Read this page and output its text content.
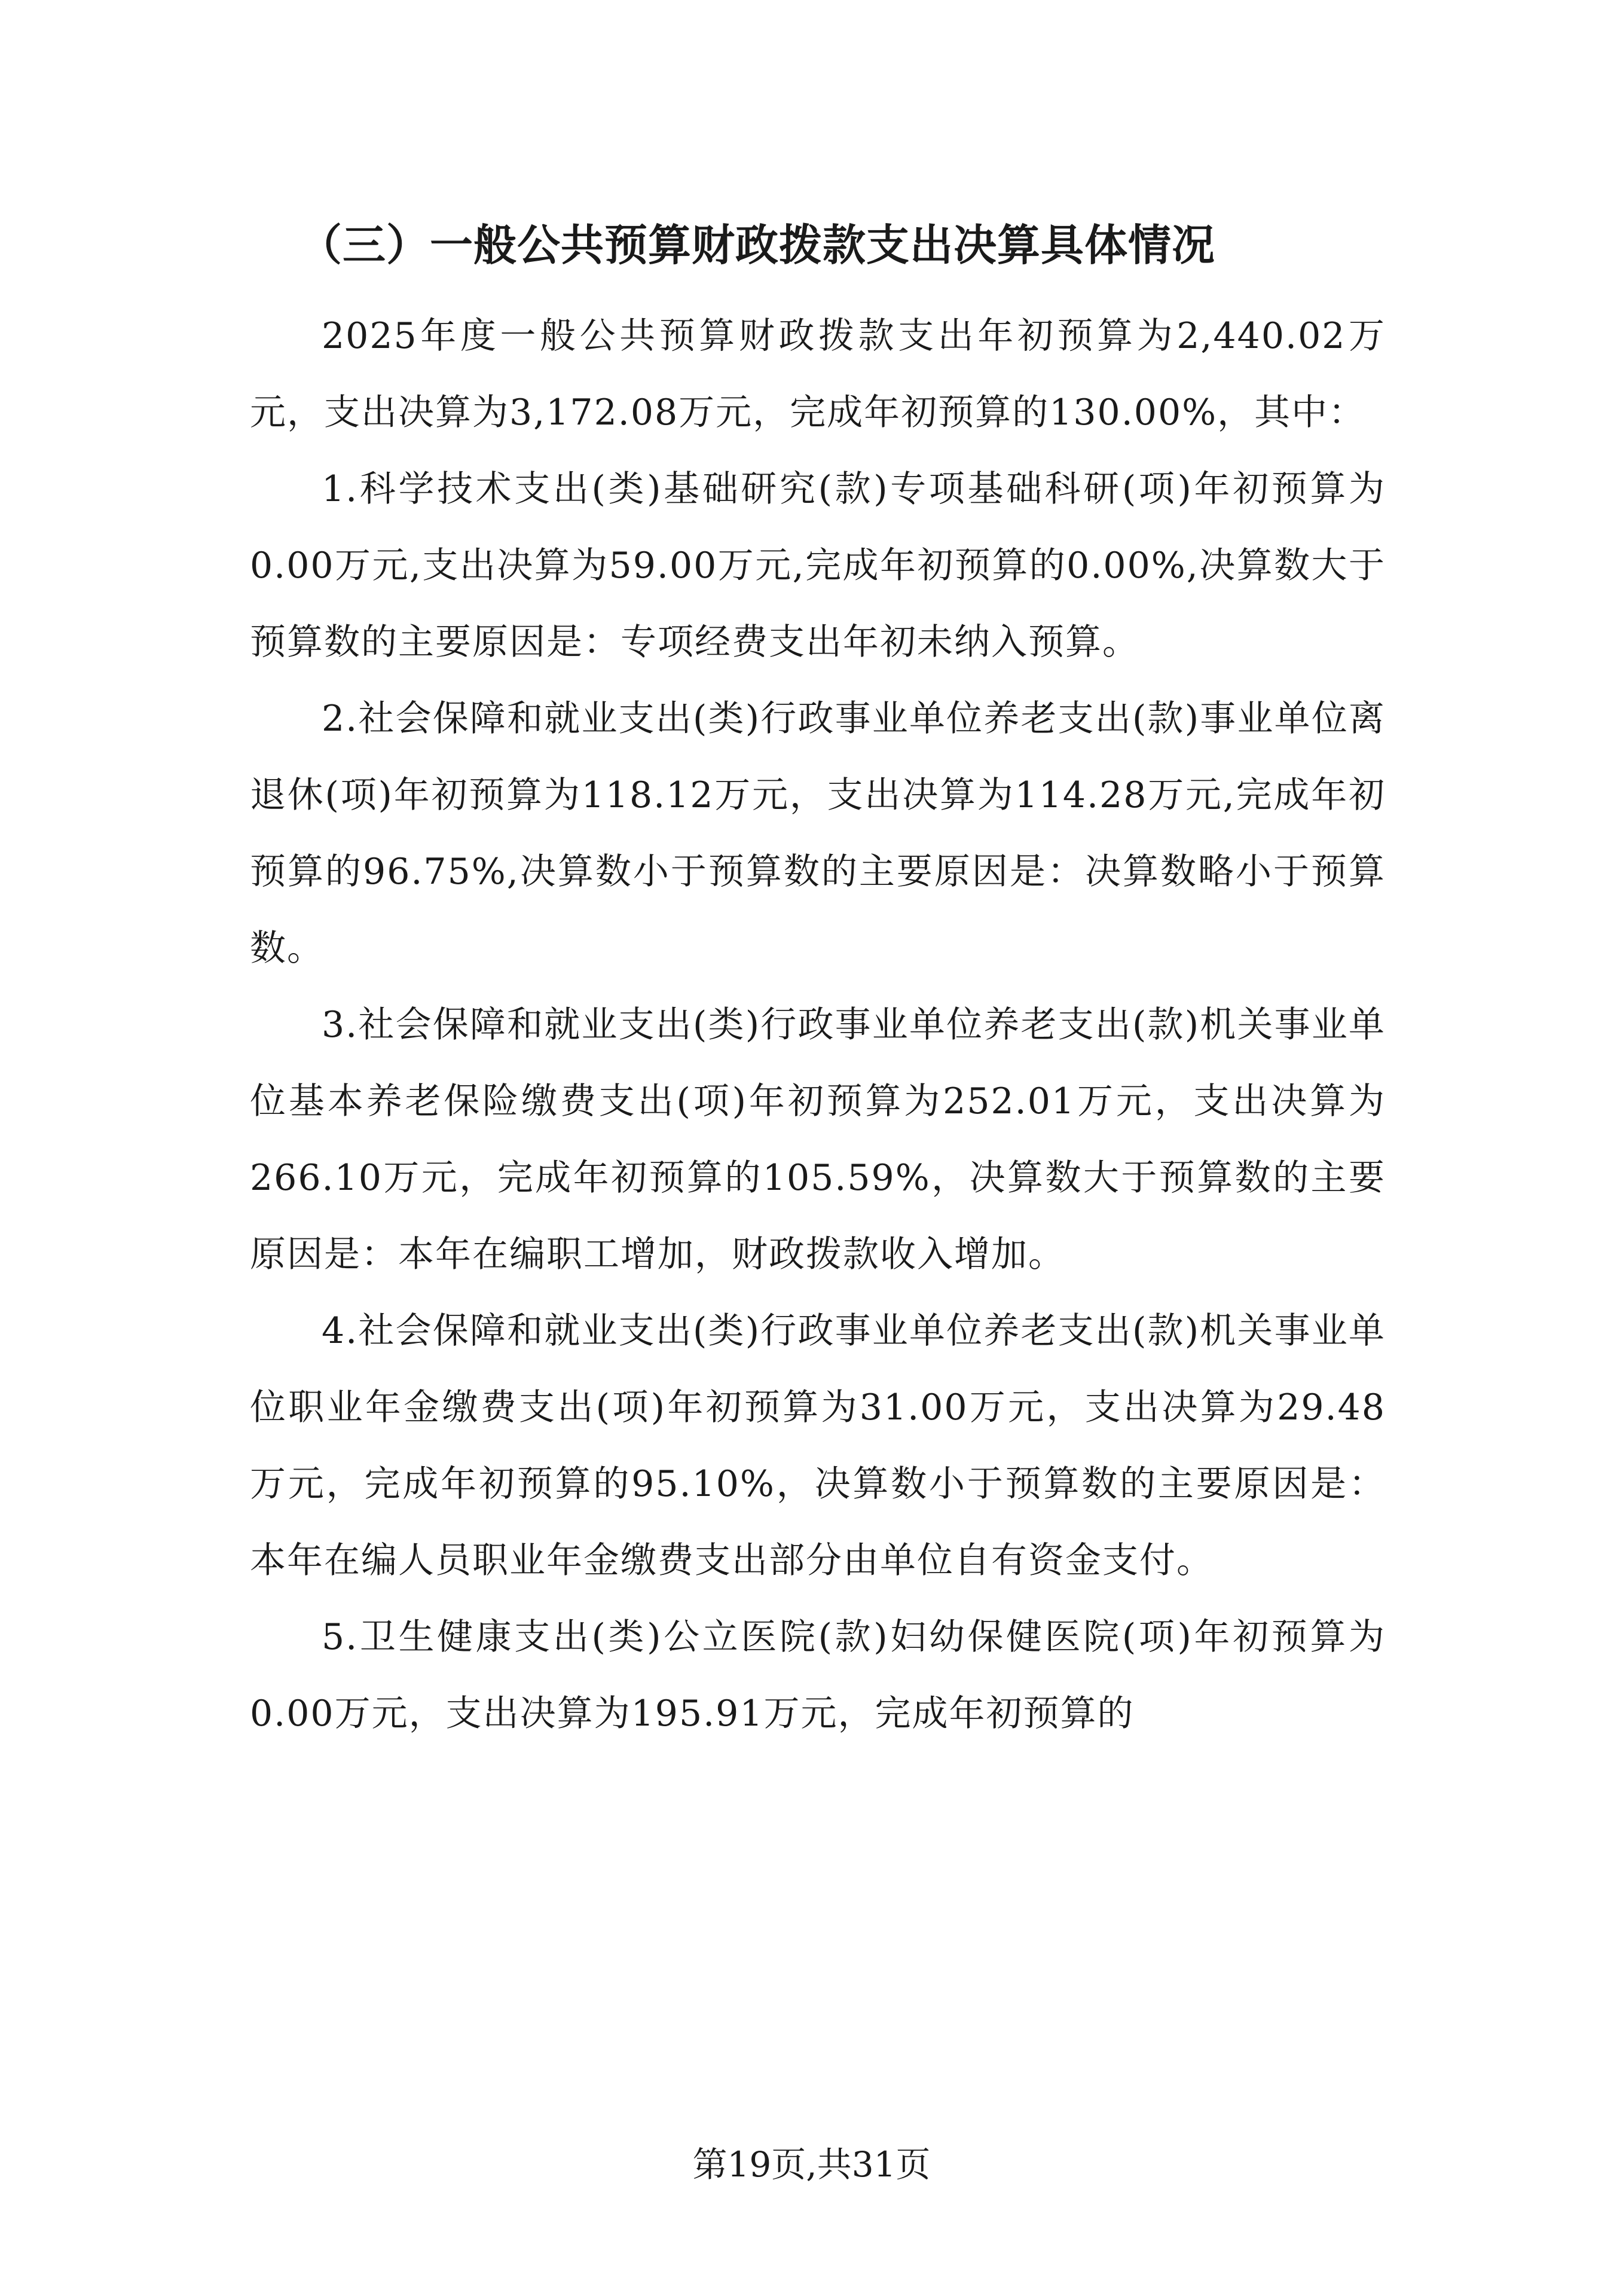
（三）一般公共预算财政拨款支出决算具体情况

2025年度一般公共预算财政拨款支出年初预算为2,440.02万元，支出决算为3,172.08万元，完成年初预算的130.00%，其中：

1.科学技术支出(类)基础研究(款)专项基础科研(项)年初预算为0.00万元,支出决算为59.00万元,完成年初预算的0.00%,决算数大于预算数的主要原因是：专项经费支出年初未纳入预算。

2.社会保障和就业支出(类)行政事业单位养老支出(款)事业单位离退休(项)年初预算为118.12万元，支出决算为114.28万元,完成年初预算的96.75%,决算数小于预算数的主要原因是：决算数略小于预算数。

3.社会保障和就业支出(类)行政事业单位养老支出(款)机关事业单位基本养老保险缴费支出(项)年初预算为252.01万元，支出决算为266.10万元，完成年初预算的105.59%，决算数大于预算数的主要原因是：本年在编职工增加，财政拨款收入增加。

4.社会保障和就业支出(类)行政事业单位养老支出(款)机关事业单位职业年金缴费支出(项)年初预算为31.00万元，支出决算为29.48万元，完成年初预算的95.10%，决算数小于预算数的主要原因是：本年在编人员职业年金缴费支出部分由单位自有资金支付。

5.卫生健康支出(类)公立医院(款)妇幼保健医院(项)年初预算为0.00万元，支出决算为195.91万元，完成年初预算的

第19页,共31页
